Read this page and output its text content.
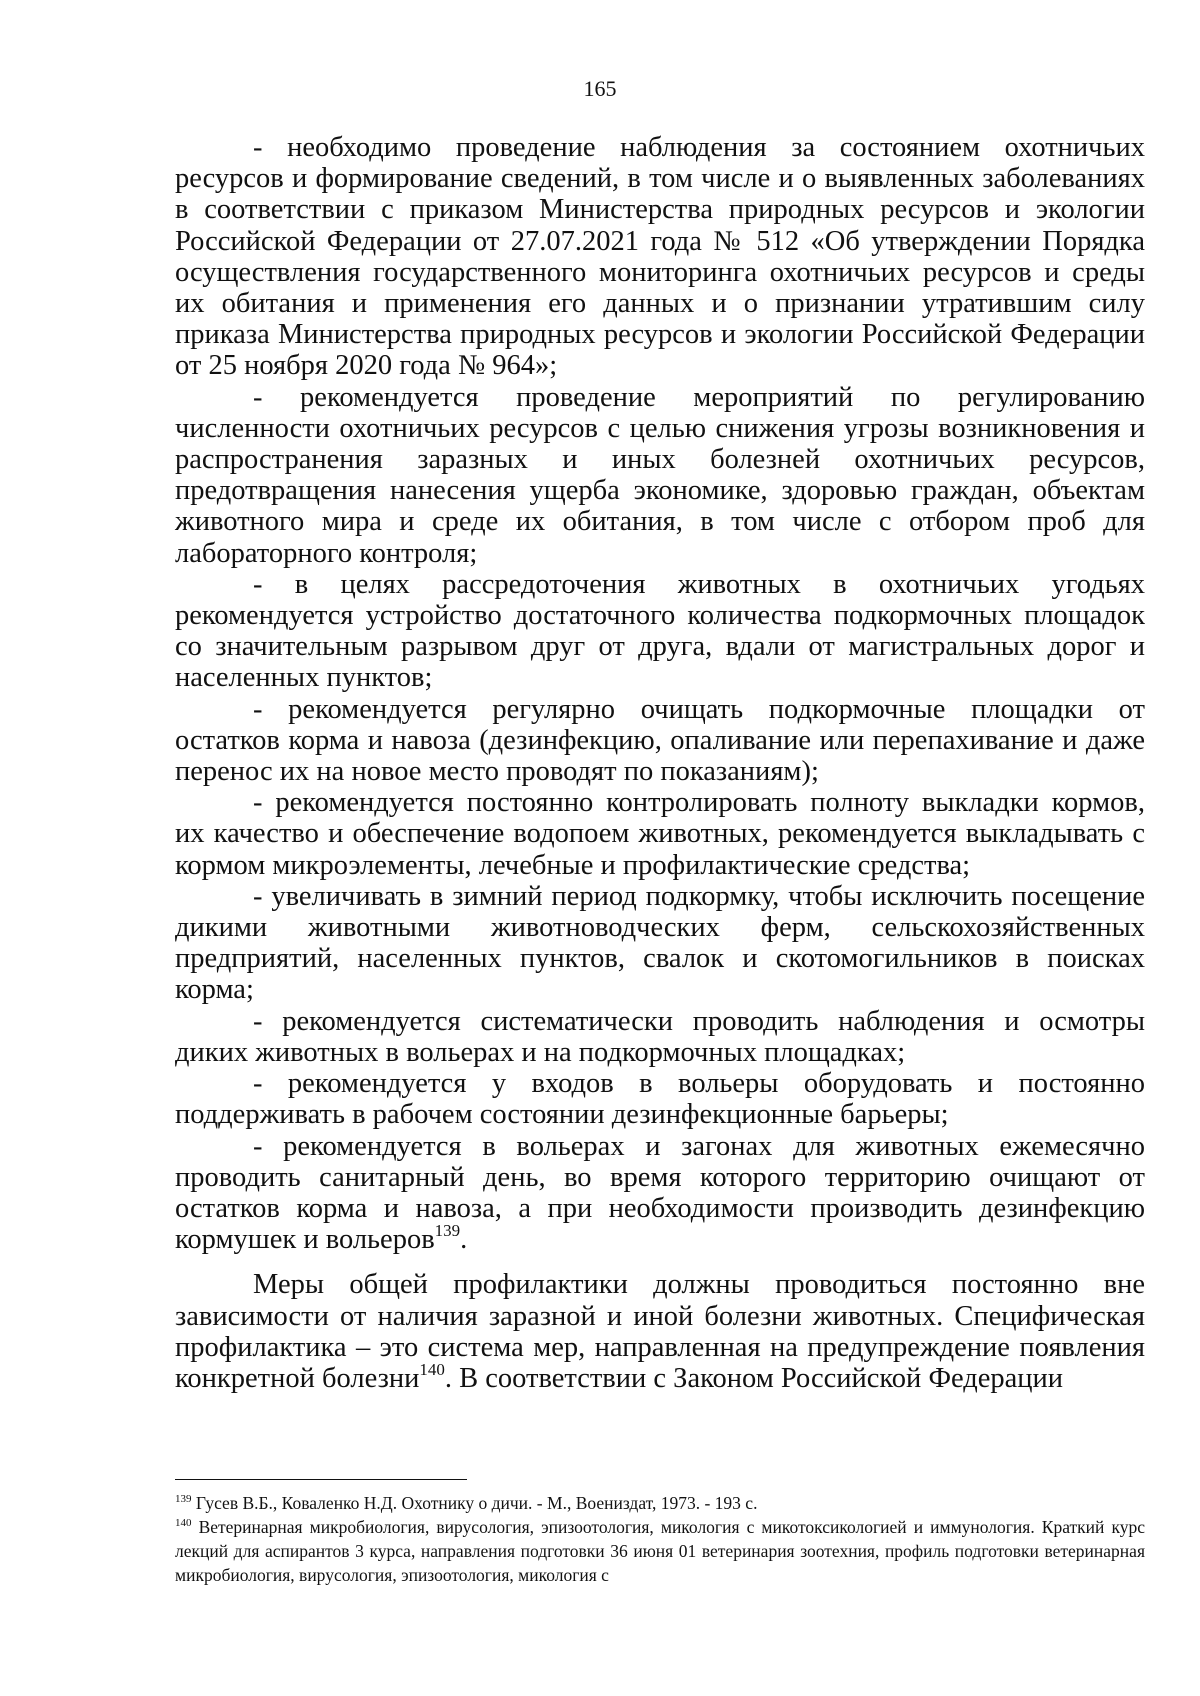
165

- необходимо проведение наблюдения за состоянием охотничьих ресурсов и формирование сведений, в том числе и о выявленных заболеваниях в соответствии с приказом Министерства природных ресурсов и экологии Российской Федерации от 27.07.2021 года № 512 «Об утверждении Порядка осуществления государственного мониторинга охотничьих ресурсов и среды их обитания и применения его данных и о признании утратившим силу приказа Министерства природных ресурсов и экологии Российской Федерации от 25 ноября 2020 года № 964»;

- рекомендуется проведение мероприятий по регулированию численности охотничьих ресурсов с целью снижения угрозы возникновения и распространения заразных и иных болезней охотничьих ресурсов, предотвращения нанесения ущерба экономике, здоровью граждан, объектам животного мира и среде их обитания, в том числе с отбором проб для лабораторного контроля;

- в целях рассредоточения животных в охотничьих угодьях рекомендуется устройство достаточного количества подкормочных площадок со значительным разрывом друг от друга, вдали от магистральных дорог и населенных пунктов;

- рекомендуется регулярно очищать подкормочные площадки от остатков корма и навоза (дезинфекцию, опаливание или перепахивание и даже перенос их на новое место проводят по показаниям);

- рекомендуется постоянно контролировать полноту выкладки кормов, их качество и обеспечение водопоем животных, рекомендуется выкладывать с кормом микроэлементы, лечебные и профилактические средства;

- увеличивать в зимний период подкормку, чтобы исключить посещение дикими животными животноводческих ферм, сельскохозяйственных предприятий, населенных пунктов, свалок и скотомогильников в поисках корма;

- рекомендуется систематически проводить наблюдения и осмотры диких животных в вольерах и на подкормочных площадках;

- рекомендуется у входов в вольеры оборудовать и постоянно поддерживать в рабочем состоянии дезинфекционные барьеры;

- рекомендуется в вольерах и загонах для животных ежемесячно проводить санитарный день, во время которого территорию очищают от остатков корма и навоза, а при необходимости производить дезинфекцию кормушек и вольеров$^{139}$.

Меры общей профилактики должны проводиться постоянно вне зависимости от наличия заразной и иной болезни животных. Специфическая профилактика – это система мер, направленная на предупреждение появления конкретной болезни$^{140}$. В соответствии с Законом Российской Федерации

$^{139}$ Гусев В.Б., Коваленко Н.Д. Охотнику о дичи. - М., Воениздат, 1973. - 193 с.

$^{140}$ Ветеринарная микробиология, вирусология, эпизоотология, микология с микотоксикологией и иммунология. Краткий курс лекций для аспирантов 3 курса, направления подготовки 36 июня 01 ветеринария зоотехния, профиль подготовки ветеринарная микробиология, вирусология, эпизоотология, микология с
